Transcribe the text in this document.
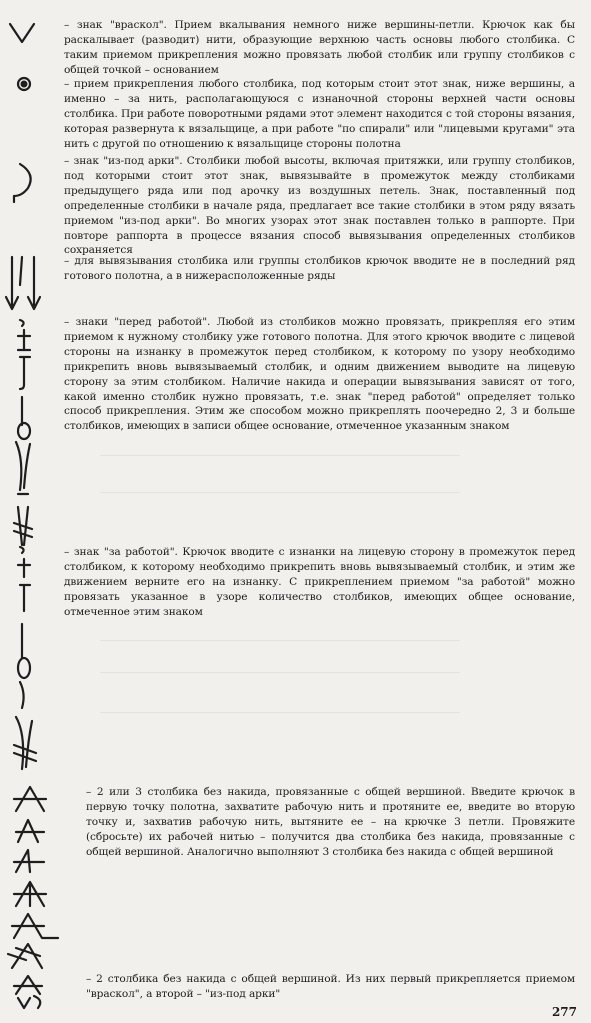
– знак "враскол". Прием вкалывания немного ниже вершины-петли. Крючок как бы раскалывает (разводит) нити, образующие верхнюю часть основы любого столбика. С таким приемом прикрепления можно провязать любой столбик или группу столбиков с общей точкой – основанием
– прием прикрепления любого столбика, под которым стоит этот знак, ниже вершины, а именно – за нить, располагающуюся с изнаночной стороны верхней части основы столбика. При работе поворотными рядами этот элемент находится с той стороны вязания, которая развернута к вязальщице, а при работе "по спирали" или "лицевыми кругами" эта нить с другой по отношению к вязальщице стороны полотна
– знак "из-под арки". Столбики любой высоты, включая притяжки, или группу столбиков, под которыми стоит этот знак, вывязывайте в промежуток между столбиками предыдущего ряда или под арочку из воздушных петель. Знак, поставленный под определенные столбики в начале ряда, предлагает все такие столбики в этом ряду вязать приемом "из-под арки". Во многих узорах этот знак поставлен только в раппорте. При повторе раппорта в процессе вязания способ вывязывания определенных столбиков сохраняется
– для вывязывания столбика или группы столбиков крючок вводите не в последний ряд готового полотна, а в нижерасположенные ряды
– знаки "перед работой". Любой из столбиков можно провязать, прикрепляя его этим приемом к нужному столбику уже готового полотна. Для этого крючок вводите с лицевой стороны на изнанку в промежуток перед столбиком, к которому по узору необходимо прикрепить вновь вывязываемый столбик, и одним движением выводите на лицевую сторону за этим столбиком. Наличие накида и операции вывязывания зависят от того, какой именно столбик нужно провязать, т.е. знак "перед работой" определяет только способ прикрепления. Этим же способом можно прикреплять поочередно 2, 3 и больше столбиков, имеющих в записи общее основание, отмеченное указанным знаком
– знак "за работой". Крючок вводите с изнанки на лицевую сторону в промежуток перед столбиком, к которому необходимо прикрепить вновь вывязываемый столбик, и этим же движением верните его на изнанку. С прикреплением приемом "за работой" можно провязать указанное в узоре количество столбиков, имеющих общее основание, отмеченное этим знаком
– 2 или 3 столбика без накида, провязанные с общей вершиной. Введите крючок в первую точку полотна, захватите рабочую нить и протяните ее, введите во вторую точку и, захватив рабочую нить, вытяните ее – на крючке 3 петли. Провяжите (сбросьте) их рабочей нитью – получится два столбика без накида, провязанные с общей вершиной. Аналогично выполняют 3 столбика без накида с общей вершиной
– 2 столбика без накида с общей вершиной. Из них первый прикрепляется приемом "враскол", а второй – "из-под арки"
277
